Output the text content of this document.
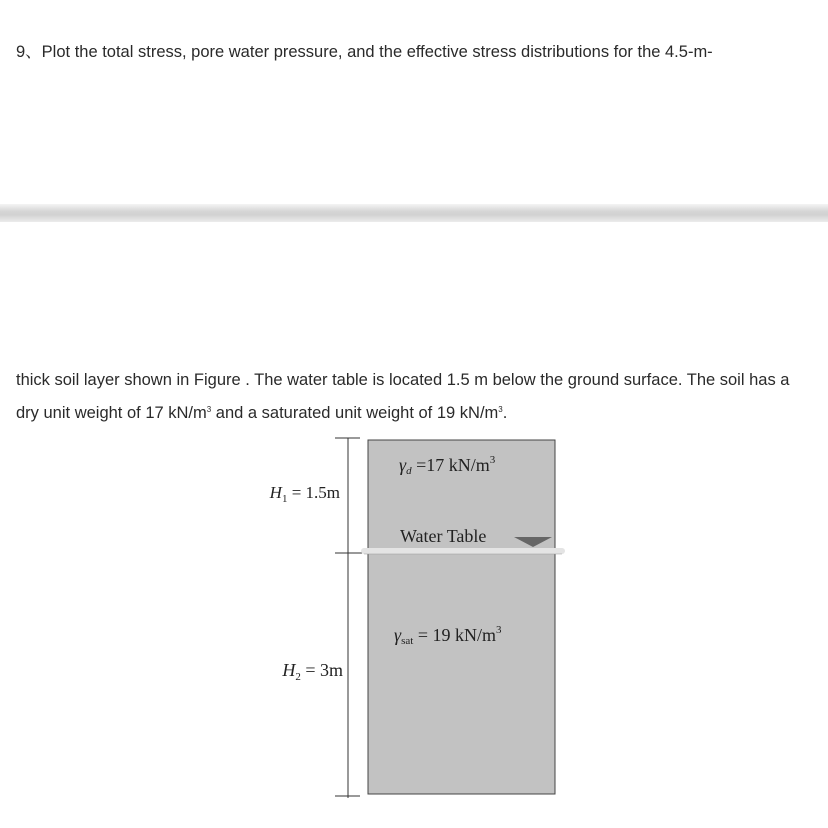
9、Plot the total stress, pore water pressure, and the effective stress distributions for the 4.5-m-
thick soil layer shown in Figure . The water table is located 1.5 m below the ground surface. The soil has a dry unit weight of 17 $kN/m^3$ and a saturated unit weight of 19 $kN/m^3$.
$H_1 = 1.5m$
$H_2 = 3m$
γd =17 $kN/m^3$
Water Table
γsat = 19 $kN/m^3$
